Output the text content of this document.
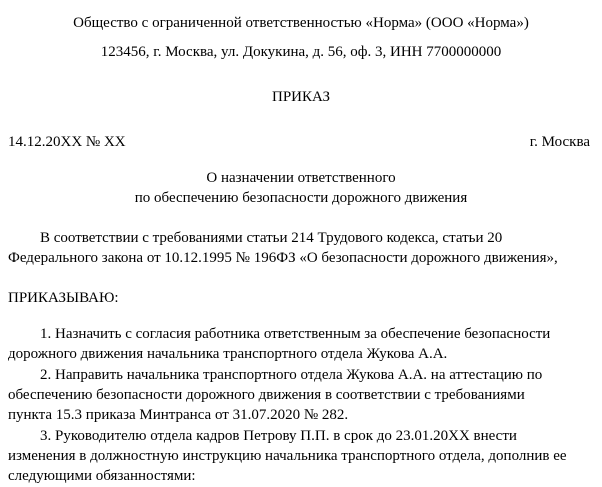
Общество с ограниченной ответственностью «Норма» (ООО «Норма»)
123456, г. Москва, ул. Докукина, д. 56, оф. 3, ИНН 7700000000
ПРИКАЗ
14.12.20XX № XX	г. Москва
О назначении ответственного
по обеспечению безопасности дорожного движения
В соответствии с требованиями статьи 214 Трудового кодекса, статьи 20
Федерального закона от 10.12.1995 № 196ФЗ «О безопасности дорожного движения»,
ПРИКАЗЫВАЮ:
1. Назначить с согласия работника ответственным за обеспечение безопасности
дорожного движения начальника транспортного отдела Жукова А.А.
2. Направить начальника транспортного отдела Жукова А.А. на аттестацию по
обеспечению безопасности дорожного движения в соответствии с требованиями
пункта 15.3 приказа Минтранса от 31.07.2020 № 282.
3. Руководителю отдела кадров Петрову П.П. в срок до 23.01.20XX внести
изменения в должностную инструкцию начальника транспортного отдела, дополнив ее
следующими обязанностями:
